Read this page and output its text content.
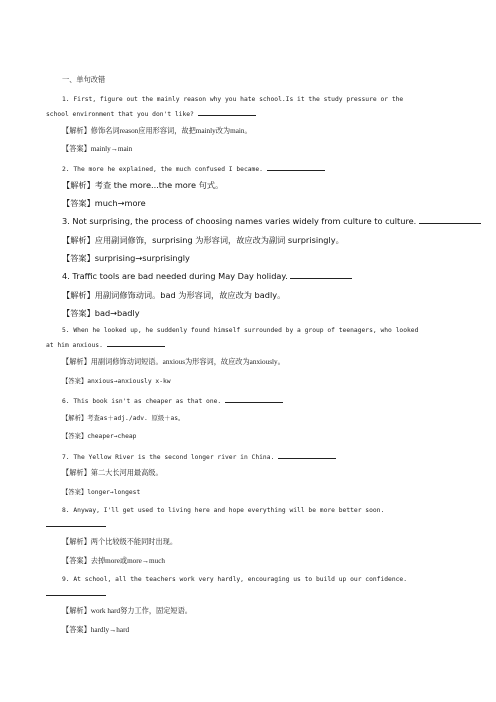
一、单句改错
1. First, figure out the mainly reason why you hate school.Is it the study pressure or the
school environment that you don't like?
【解析】修饰名词reason应用形容词，故把mainly改为main。
【答案】mainly→main
2. The more he explained, the much confused I became.
【解析】考查 the more...the more 句式。
【答案】much→more
3. Not surprising, the process of choosing names varies widely from culture to culture.
【解析】应用副词修饰，surprising 为形容词，故应改为副词 surprisingly。
【答案】surprising→surprisingly
4. Traffic tools are bad needed during May Day holiday.
【解析】用副词修饰动词。bad 为形容词，故应改为 badly。
【答案】bad→badly
5. When he looked up, he suddenly found himself surrounded by a group of teenagers, who looked
at him anxious.
【解析】用副词修饰动词短语。anxious为形容词，故应改为anxiously。
【答案】anxious→anxiously x-kw
6. This book isn't as cheaper as that one.
【解析】考查as＋adj./adv. 原级＋as。
【答案】cheaper→cheap
7. The Yellow River is the second longer river in China.
【解析】第二大长河用最高级。
【答案】longer→longest
8. Anyway, I'll get used to living here and hope everything will be more better soon.
【解析】两个比较级不能同时出现。
【答案】去掉more或more→much
9. At school, all the teachers work very hardly, encouraging us to build up our confidence.
【解析】work hard努力工作，固定短语。
【答案】hardly→hard
